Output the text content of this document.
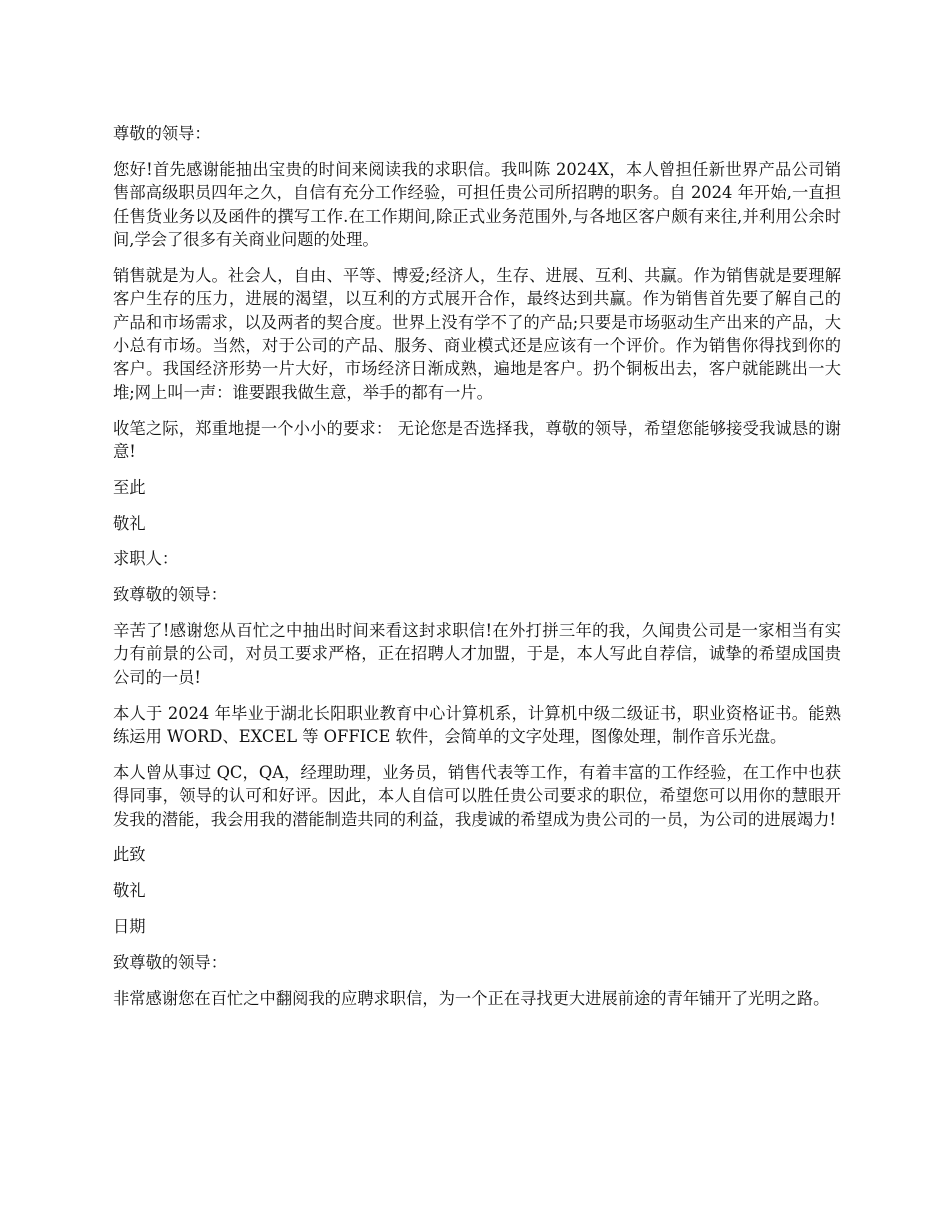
尊敬的领导：

您好!首先感谢能抽出宝贵的时间来阅读我的求职信。我叫陈 2024X，本人曾担任新世界产品公司销售部高级职员四年之久，自信有充分工作经验，可担任贵公司所招聘的职务。自 2024 年开始,一直担任售货业务以及函件的撰写工作.在工作期间,除正式业务范围外,与各地区客户颇有来往,并利用公余时间,学会了很多有关商业问题的处理。

销售就是为人。社会人，自由、平等、博爱;经济人，生存、进展、互利、共赢。作为销售就是要理解客户生存的压力，进展的渴望，以互利的方式展开合作，最终达到共赢。作为销售首先要了解自己的产品和市场需求，以及两者的契合度。世界上没有学不了的产品;只要是市场驱动生产出来的产品，大小总有市场。当然，对于公司的产品、服务、商业模式还是应该有一个评价。作为销售你得找到你的客户。我国经济形势一片大好，市场经济日渐成熟，遍地是客户。扔个铜板出去，客户就能跳出一大堆;网上叫一声：谁要跟我做生意，举手的都有一片。

收笔之际，郑重地提一个小小的要求： 无论您是否选择我，尊敬的领导，希望您能够接受我诚恳的谢意!

至此

敬礼

求职人：

致尊敬的领导：

辛苦了!感谢您从百忙之中抽出时间来看这封求职信!在外打拼三年的我，久闻贵公司是一家相当有实力有前景的公司，对员工要求严格，正在招聘人才加盟，于是，本人写此自荐信，诚挚的希望成国贵公司的一员!

本人于 2024 年毕业于湖北长阳职业教育中心计算机系，计算机中级二级证书，职业资格证书。能熟练运用 WORD、EXCEL 等 OFFICE 软件，会简单的文字处理，图像处理，制作音乐光盘。

本人曾从事过 QC，QA，经理助理，业务员，销售代表等工作，有着丰富的工作经验，在工作中也获得同事，领导的认可和好评。因此，本人自信可以胜任贵公司要求的职位，希望您可以用你的慧眼开发我的潜能，我会用我的潜能制造共同的利益，我虔诚的希望成为贵公司的一员，为公司的进展竭力!

此致

敬礼

日期

致尊敬的领导：

非常感谢您在百忙之中翻阅我的应聘求职信，为一个正在寻找更大进展前途的青年铺开了光明之路。
